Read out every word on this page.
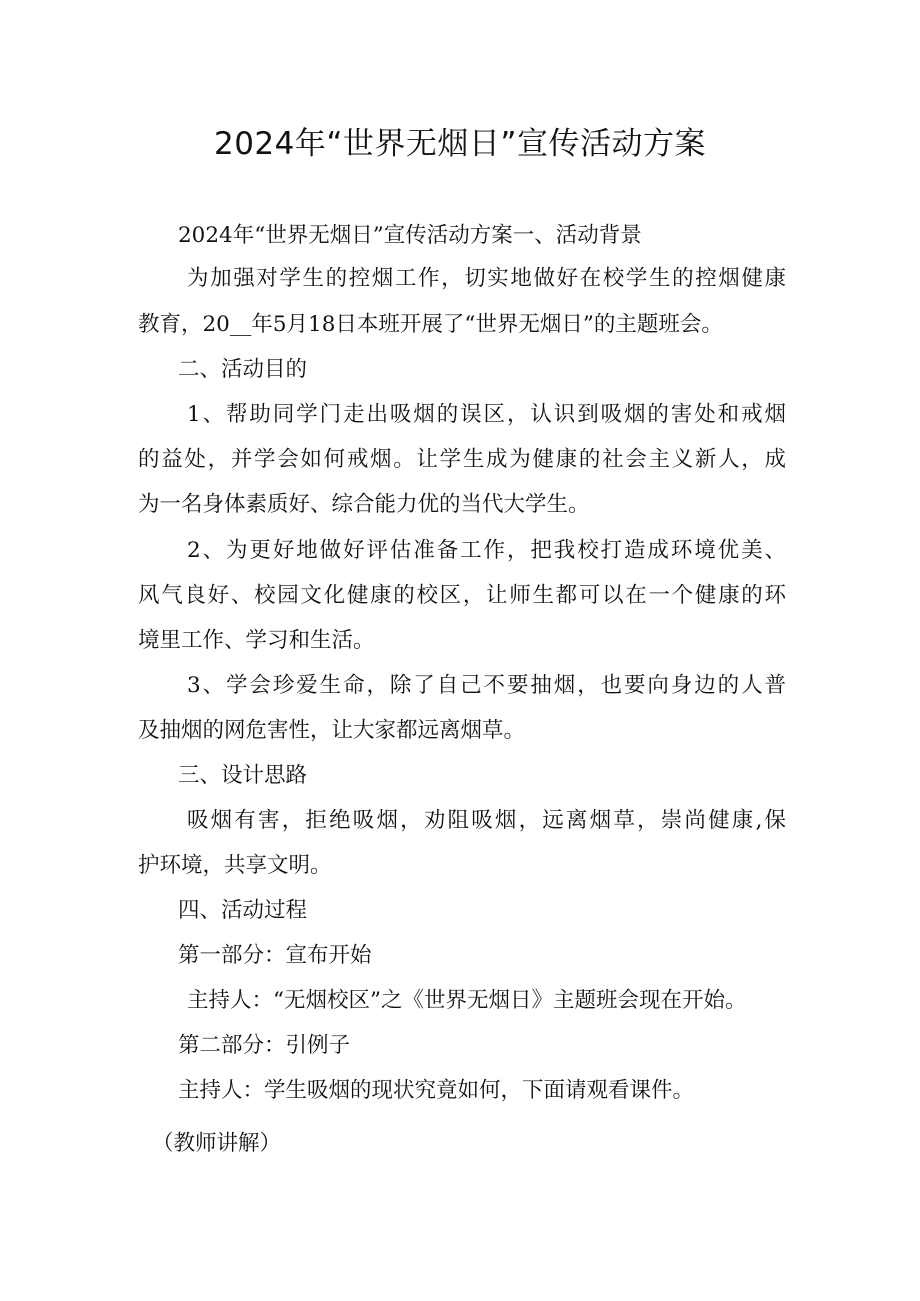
2024年“世界无烟日”宣传活动方案
2024年“世界无烟日”宣传活动方案一、活动背景
为加强对学生的控烟工作，切实地做好在校学生的控烟健康
教育，20__年5月18日本班开展了“世界无烟日”的主题班会。
二、活动目的
1、帮助同学门走出吸烟的误区，认识到吸烟的害处和戒烟
的益处，并学会如何戒烟。让学生成为健康的社会主义新人，成
为一名身体素质好、综合能力优的当代大学生。
2、为更好地做好评估准备工作，把我校打造成环境优美、
风气良好、校园文化健康的校区，让师生都可以在一个健康的环
境里工作、学习和生活。
3、学会珍爱生命，除了自己不要抽烟，也要向身边的人普
及抽烟的网危害性，让大家都远离烟草。
三、设计思路
吸烟有害，拒绝吸烟，劝阻吸烟，远离烟草，崇尚健康,保
护环境，共享文明。
四、活动过程
第一部分：宣布开始
主持人：“无烟校区”之《世界无烟日》主题班会现在开始。
第二部分：引例子
主持人：学生吸烟的现状究竟如何，下面请观看课件。
（教师讲解）
